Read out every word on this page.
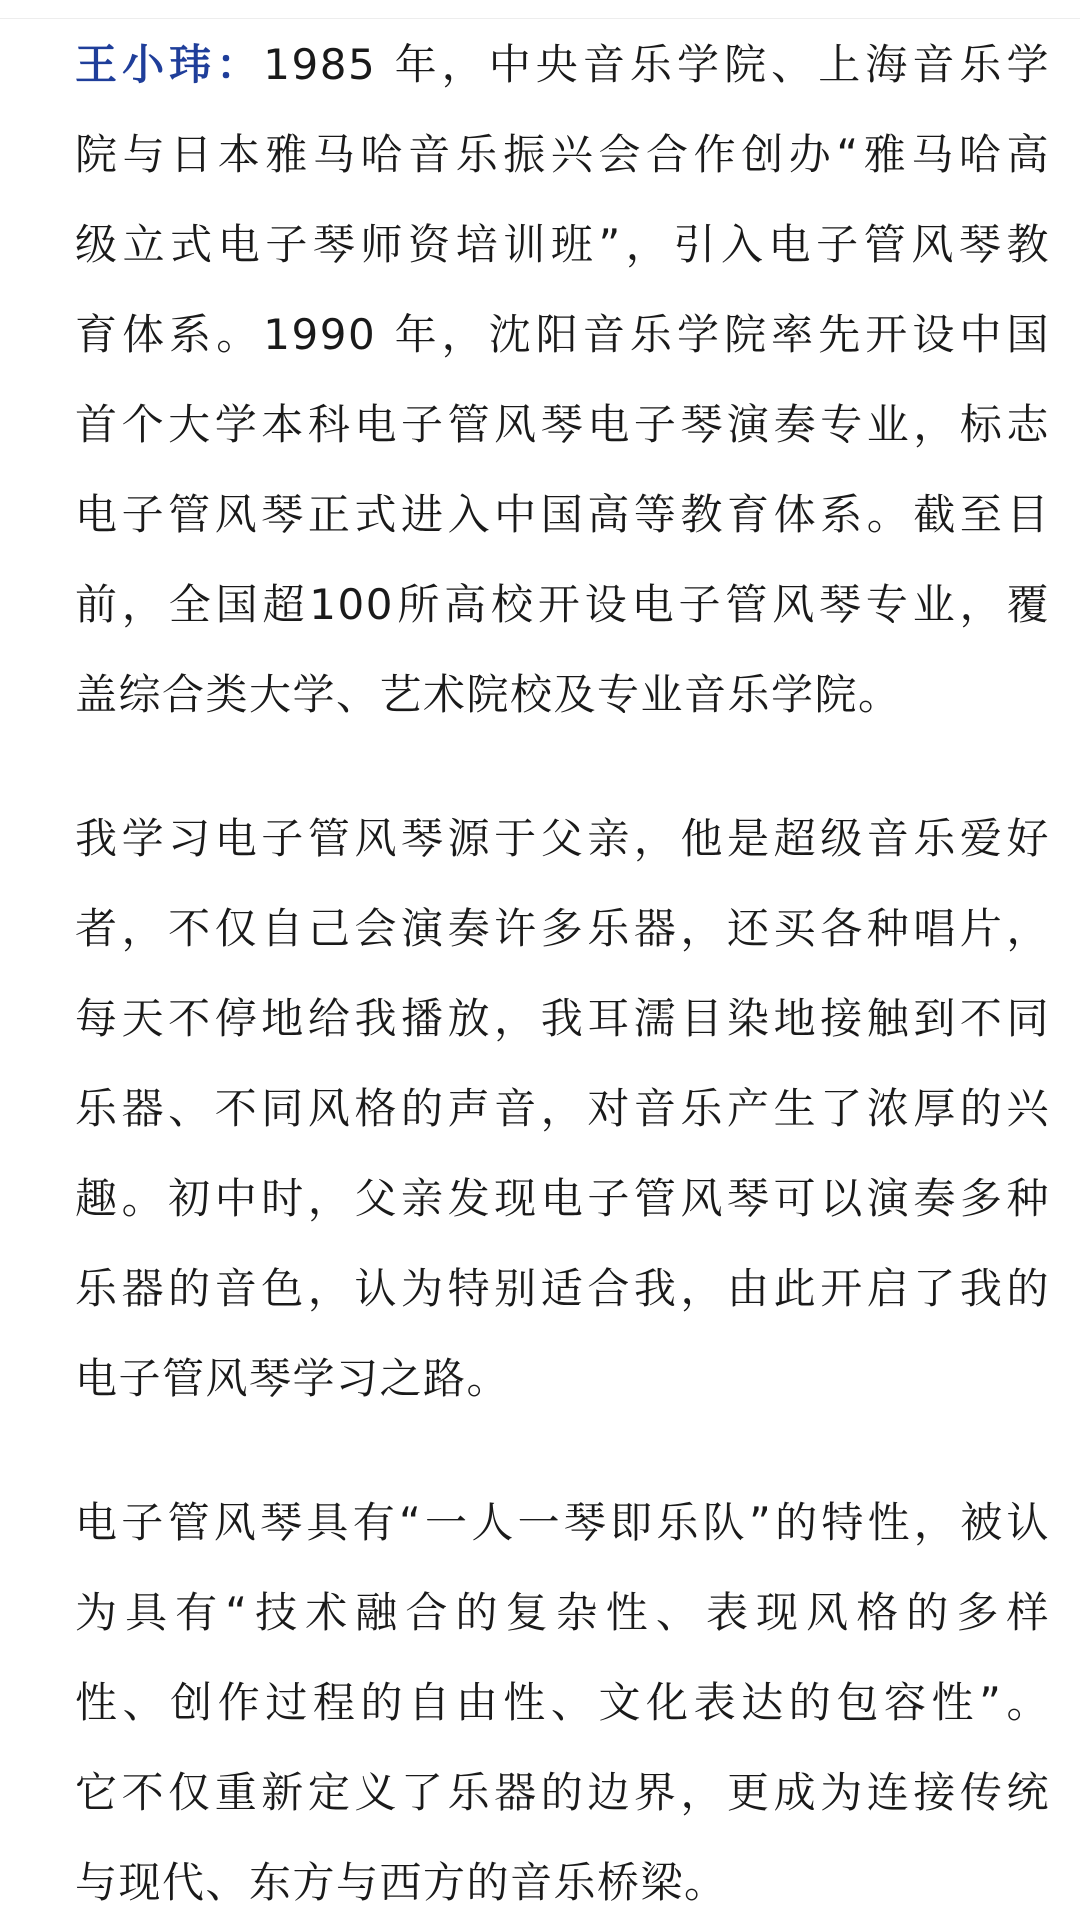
王小玮：1985 年，中央音乐学院、上海音乐学
院与日本雅马哈音乐振兴会合作创办“雅马哈高
级立式电子琴师资培训班”，引入电子管风琴教
育体系。1990 年，沈阳音乐学院率先开设中国
首个大学本科电子管风琴电子琴演奏专业，标志
电子管风琴正式进入中国高等教育体系。截至目
前，全国超100所高校开设电子管风琴专业，覆
盖综合类大学、艺术院校及专业音乐学院。

我学习电子管风琴源于父亲，他是超级音乐爱好
者，不仅自己会演奏许多乐器，还买各种唱片，
每天不停地给我播放，我耳濡目染地接触到不同
乐器、不同风格的声音，对音乐产生了浓厚的兴
趣。初中时，父亲发现电子管风琴可以演奏多种
乐器的音色，认为特别适合我，由此开启了我的
电子管风琴学习之路。

电子管风琴具有“一人一琴即乐队”的特性，被认
为具有“技术融合的复杂性、表现风格的多样
性、创作过程的自由性、文化表达的包容性”。
它不仅重新定义了乐器的边界，更成为连接传统
与现代、东方与西方的音乐桥梁。
